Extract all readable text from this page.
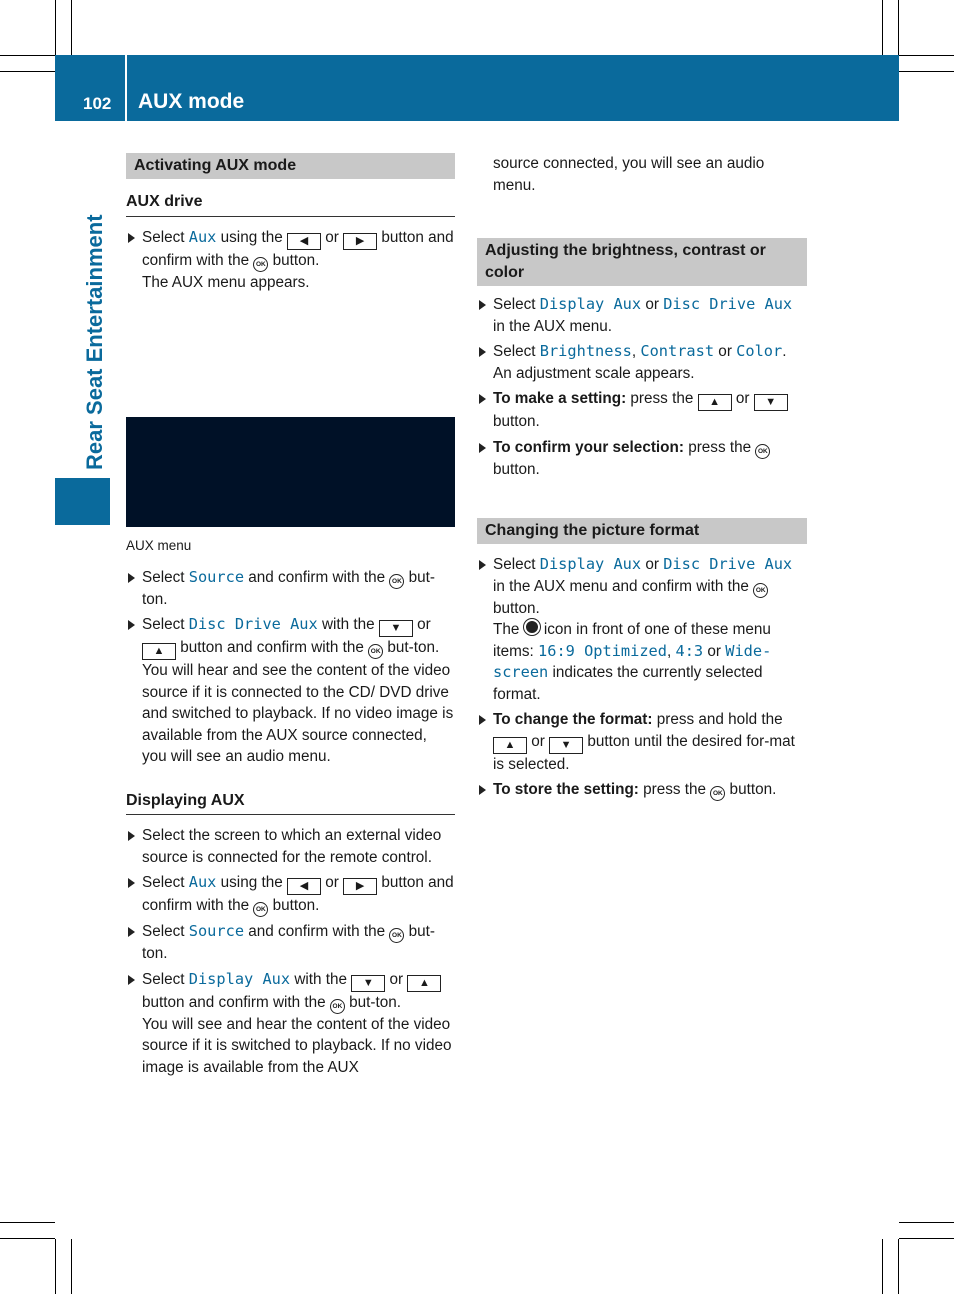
102 AUX mode
Rear Seat Entertainment
Activating AUX mode
AUX drive

Select Aux using the ◀ or ▶ button and confirm with the OK button.

The AUX menu appears.

AUX menu

Select Source and confirm with the OK but-ton.

Select Disc Drive Aux with the ▼ or ▲ button and confirm with the OK but-ton.

You will hear and see the content of the video source if it is connected to the CD/ DVD drive and switched to playback. If no video image is available from the AUX source connected, you will see an audio menu.

Displaying AUX

Select the screen to which an external video source is connected for the remote control.

Select Aux using the ◀ or ▶ button and confirm with the OK button.

Select Source and confirm with the OK but-ton.

Select Display Aux with the ▼ or ▲ button and confirm with the OK but-ton.

You will see and hear the content of the video source if it is switched to playback. If no video image is available from the AUX

source connected, you will see an audio menu.

Adjusting the brightness, contrast or color

Select Display Aux or Disc Drive Aux in the AUX menu.

Select Brightness, Contrast or Color.

An adjustment scale appears.

To make a setting: press the ▲ or ▼ button.

To confirm your selection: press the OK button.

Changing the picture format

Select Display Aux or Disc Drive Aux in the AUX menu and confirm with the OK button.

The  icon in front of one of these menu items: 16:9 Optimized, 4:3 or Wide-screen indicates the currently selected format.

To change the format: press and hold the ▲ or ▼ button until the desired for-mat is selected.

To store the setting: press the OK button.
